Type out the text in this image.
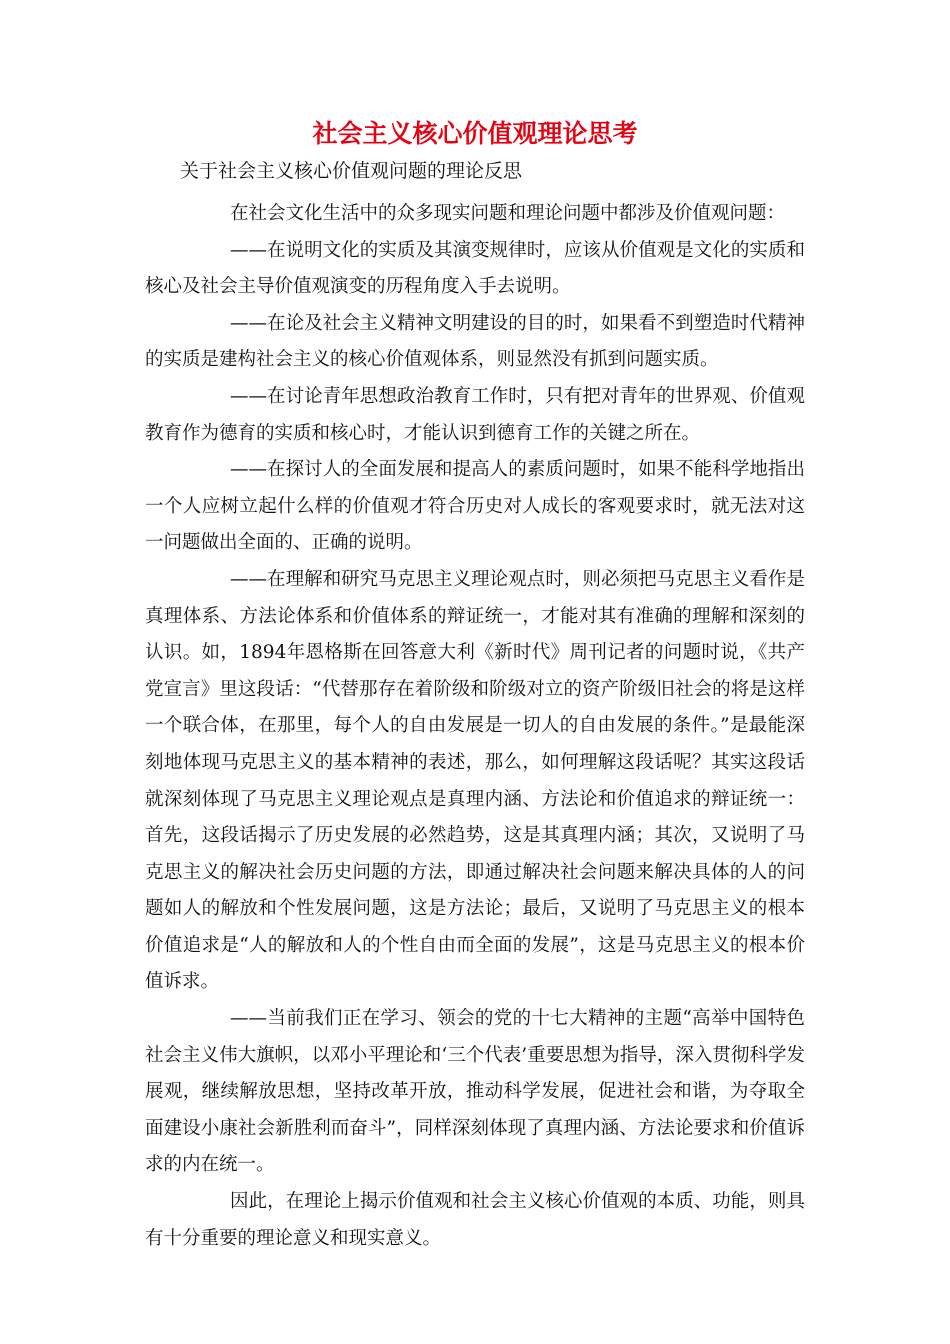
社会主义核心价值观理论思考
关于社会主义核心价值观问题的理论反思

在社会文化生活中的众多现实问题和理论问题中都涉及价值观问题：

——在说明文化的实质及其演变规律时，应该从价值观是文化的实质和核心及社会主导价值观演变的历程角度入手去说明。

——在论及社会主义精神文明建设的目的时，如果看不到塑造时代精神的实质是建构社会主义的核心价值观体系，则显然没有抓到问题实质。

——在讨论青年思想政治教育工作时，只有把对青年的世界观、价值观教育作为德育的实质和核心时，才能认识到德育工作的关键之所在。

——在探讨人的全面发展和提高人的素质问题时，如果不能科学地指出一个人应树立起什么样的价值观才符合历史对人成长的客观要求时，就无法对这一问题做出全面的、正确的说明。

——在理解和研究马克思主义理论观点时，则必须把马克思主义看作是真理体系、方法论体系和价值体系的辩证统一，才能对其有准确的理解和深刻的认识。如，1894年恩格斯在回答意大利《新时代》周刊记者的问题时说，《共产党宣言》里这段话：“代替那存在着阶级和阶级对立的资产阶级旧社会的将是这样一个联合体，在那里，每个人的自由发展是一切人的自由发展的条件。”是最能深刻地体现马克思主义的基本精神的表述，那么，如何理解这段话呢？其实这段话就深刻体现了马克思主义理论观点是真理内涵、方法论和价值追求的辩证统一：首先，这段话揭示了历史发展的必然趋势，这是其真理内涵；其次，又说明了马克思主义的解决社会历史问题的方法，即通过解决社会问题来解决具体的人的问题如人的解放和个性发展问题，这是方法论；最后，又说明了马克思主义的根本价值追求是“人的解放和人的个性自由而全面的发展”，这是马克思主义的根本价值诉求。

——当前我们正在学习、领会的党的十七大精神的主题“高举中国特色社会主义伟大旗帜，以邓小平理论和‘三个代表’重要思想为指导，深入贯彻科学发展观，继续解放思想，坚持改革开放，推动科学发展，促进社会和谐，为夺取全面建设小康社会新胜利而奋斗”，同样深刻体现了真理内涵、方法论要求和价值诉求的内在统一。

因此，在理论上揭示价值观和社会主义核心价值观的本质、功能，则具有十分重要的理论意义和现实意义。
